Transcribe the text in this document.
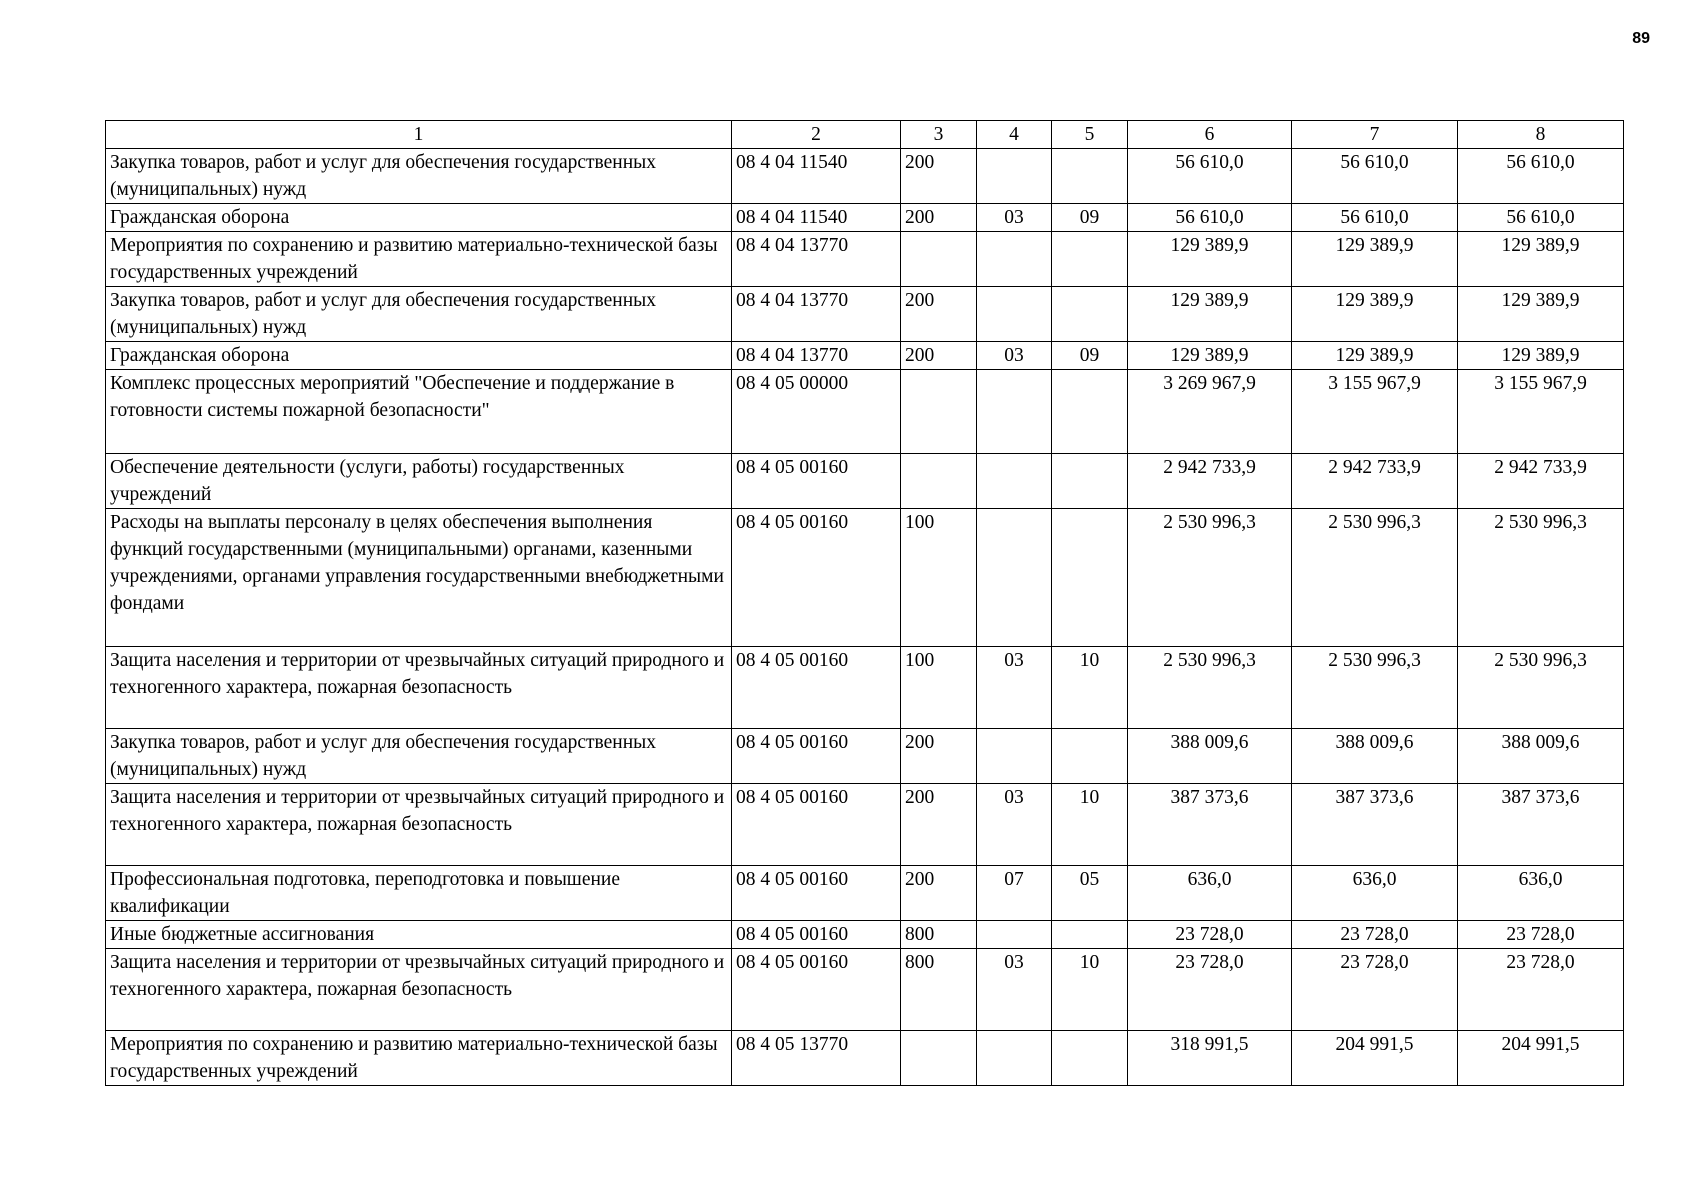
89
1	2	3	4	5	6	7	8
Закупка товаров, работ и услуг для обеспечения государственных (муниципальных) нужд	08 4 04 11540	200			56 610,0	56 610,0	56 610,0
Гражданская оборона	08 4 04 11540	200	03	09	56 610,0	56 610,0	56 610,0
Мероприятия по сохранению и развитию материально-технической базы государственных учреждений	08 4 04 13770				129 389,9	129 389,9	129 389,9
Закупка товаров, работ и услуг для обеспечения государственных (муниципальных) нужд	08 4 04 13770	200			129 389,9	129 389,9	129 389,9
Гражданская оборона	08 4 04 13770	200	03	09	129 389,9	129 389,9	129 389,9
Комплекс процессных мероприятий "Обеспечение и поддержание в готовности системы пожарной безопасности"	08 4 05 00000				3 269 967,9	3 155 967,9	3 155 967,9
Обеспечение деятельности (услуги, работы) государственных учреждений	08 4 05 00160				2 942 733,9	2 942 733,9	2 942 733,9
Расходы на выплаты персоналу в целях обеспечения выполнения функций государственными (муниципальными) органами, казенными учреждениями, органами управления государственными внебюджетными фондами	08 4 05 00160	100			2 530 996,3	2 530 996,3	2 530 996,3
Защита населения и территории от чрезвычайных ситуаций природного и техногенного характера, пожарная безопасность	08 4 05 00160	100	03	10	2 530 996,3	2 530 996,3	2 530 996,3
Закупка товаров, работ и услуг для обеспечения государственных (муниципальных) нужд	08 4 05 00160	200			388 009,6	388 009,6	388 009,6
Защита населения и территории от чрезвычайных ситуаций природного и техногенного характера, пожарная безопасность	08 4 05 00160	200	03	10	387 373,6	387 373,6	387 373,6
Профессиональная подготовка, переподготовка и повышение квалификации	08 4 05 00160	200	07	05	636,0	636,0	636,0
Иные бюджетные ассигнования	08 4 05 00160	800			23 728,0	23 728,0	23 728,0
Защита населения и территории от чрезвычайных ситуаций природного и техногенного характера, пожарная безопасность	08 4 05 00160	800	03	10	23 728,0	23 728,0	23 728,0
Мероприятия по сохранению и развитию материально-технической базы государственных учреждений	08 4 05 13770				318 991,5	204 991,5	204 991,5
